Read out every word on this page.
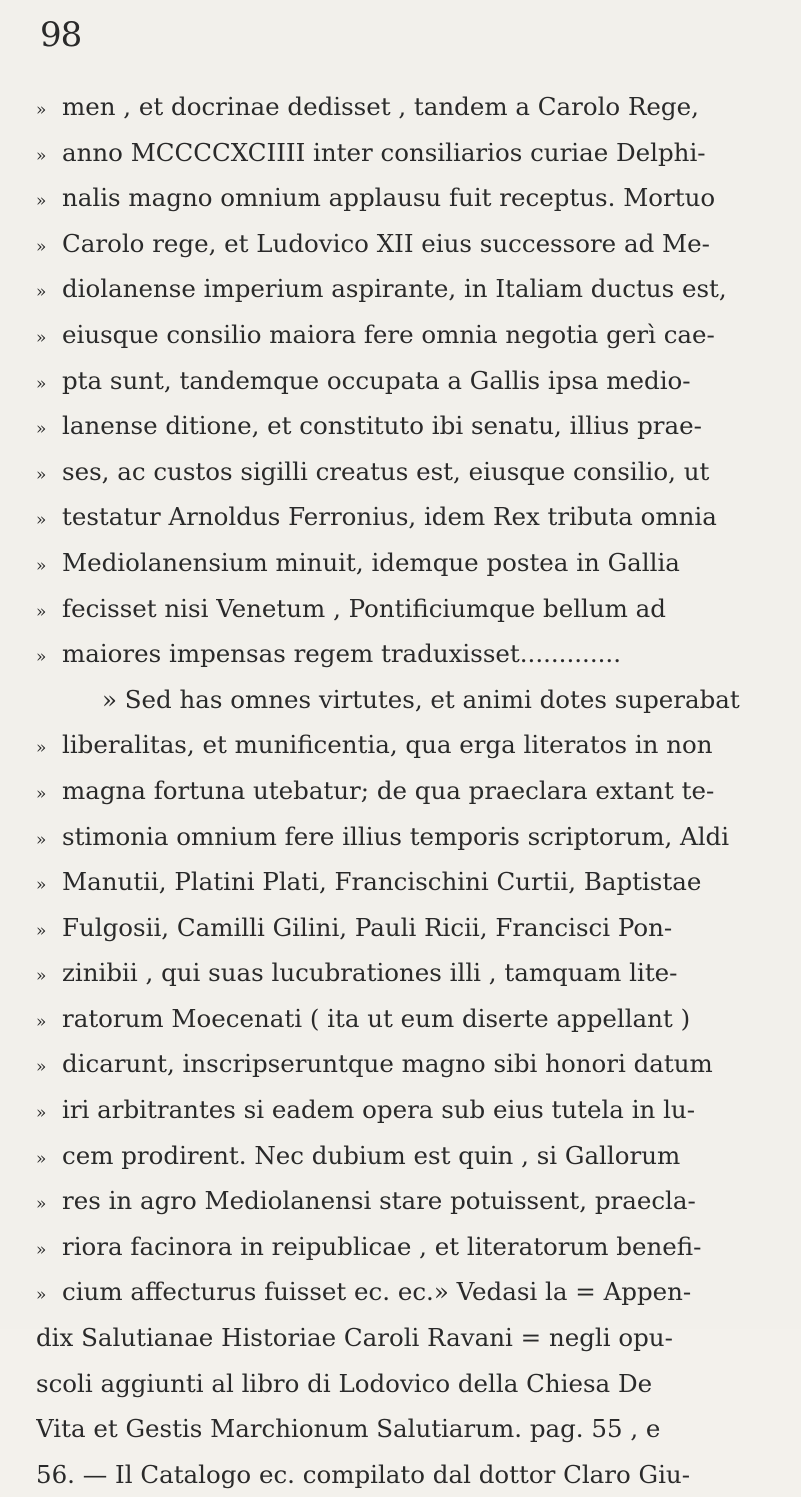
98
» men , et docrinae dedisset , tandem a Carolo Rege,
» anno MCCCCXCIIII inter consiliarios curiae Delphi-
» nalis magno omnium applausu fuit receptus. Mortuo
» Carolo rege, et Ludovico XII eius successore ad Me-
» diolanense imperium aspirante, in Italiam ductus est,
» eiusque consilio maiora fere omnia negotia gerì cae-
» pta sunt, tandemque occupata a Gallis ipsa medio-
» lanense ditione, et constituto ibi senatu, illius prae-
» ses, ac custos sigilli creatus est, eiusque consilio, ut
» testatur Arnoldus Ferronius, idem Rex tributa omnia
» Mediolanensium minuit, idemque postea in Gallia
» fecisset nisi Venetum , Pontificiumque bellum ad
» maiores impensas regem traduxisset.............
» Sed has omnes virtutes, et animi dotes superabat
» liberalitas, et munificentia, qua erga literatos in non
» magna fortuna utebatur; de qua praeclara extant te-
» stimonia omnium fere illius temporis scriptorum, Aldi
» Manutii, Platini Plati, Francischini Curtii, Baptistae
» Fulgosii, Camilli Gilini, Pauli Ricii, Francisci Pon-
» zinibii , qui suas lucubrationes illi , tamquam lite-
» ratorum Moecenati ( ita ut eum diserte appellant )
» dicarunt, inscripseruntque magno sibi honori datum
» iri arbitrantes si eadem opera sub eius tutela in lu-
» cem prodirent. Nec dubium est quin , si Gallorum
» res in agro Mediolanensi stare potuissent, praecla-
» riora facinora in reipublicae , et literatorum benefi-
» cium affecturus fuisset ec. ec.» Vedasi la = Appen-
dix Salutianae Historiae Caroli Ravani = negli opu-
scoli aggiunti al libro di Lodovico della Chiesa De
Vita et Gestis Marchionum Salutiarum. pag. 55 , e
56. — Il Catalogo ec. compilato dal dottor Claro Giu-
